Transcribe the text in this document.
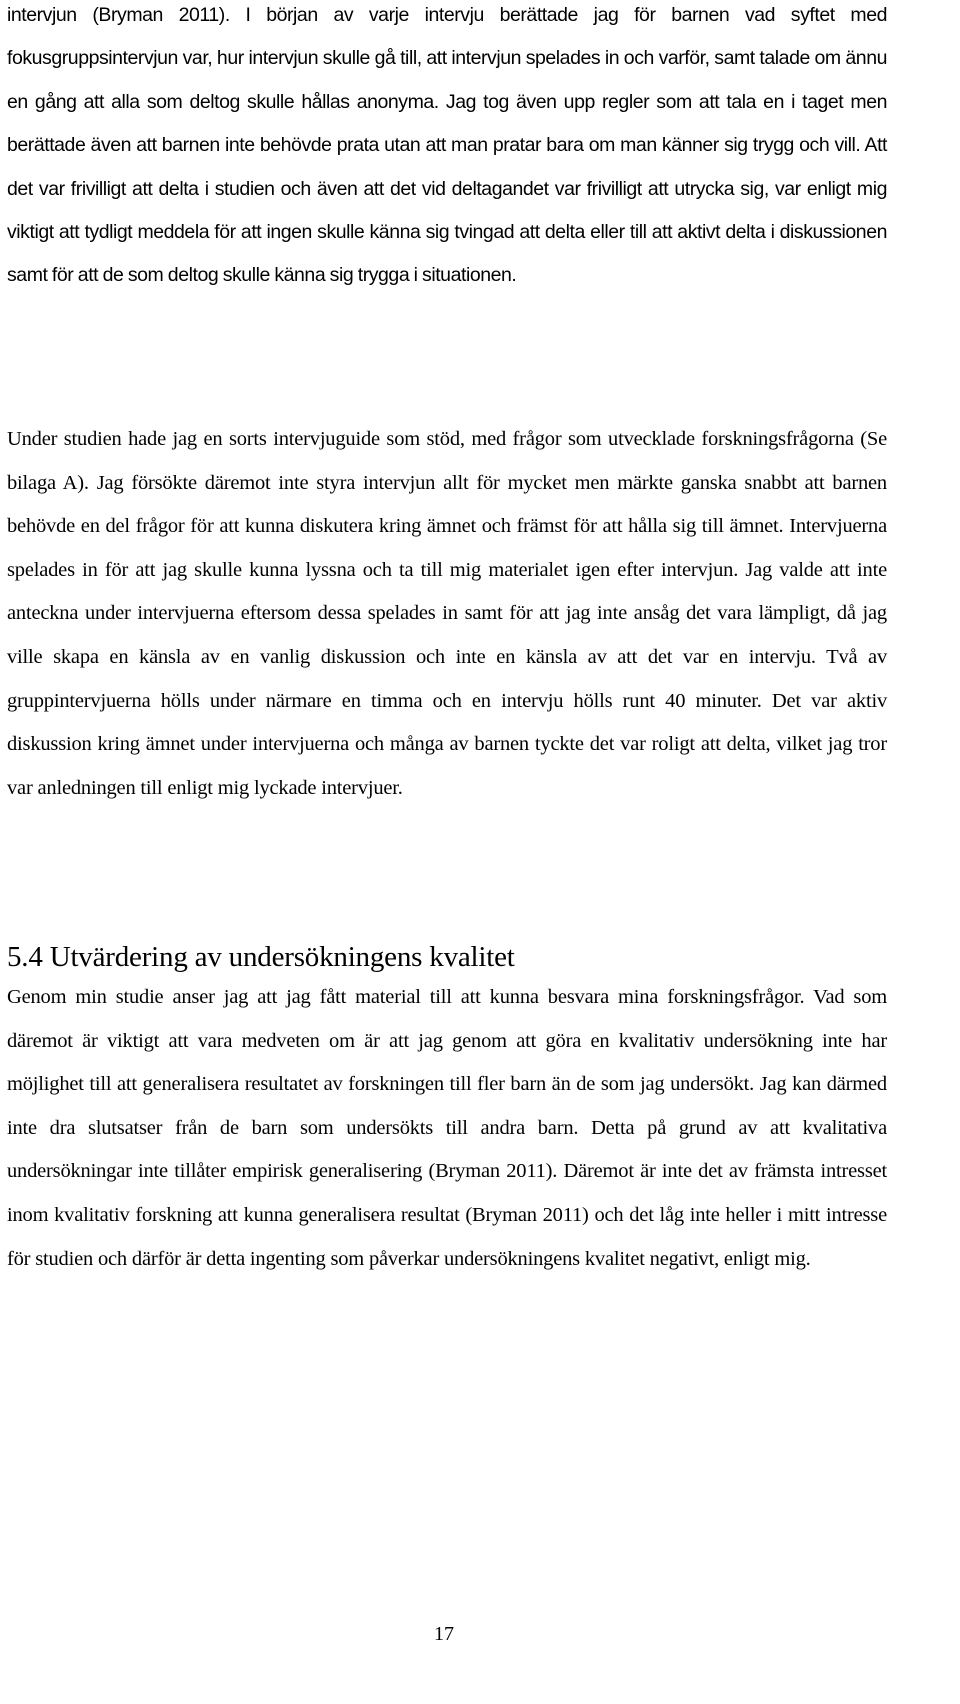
intervjun (Bryman 2011). I början av varje intervju berättade jag för barnen vad syftet med fokusgruppsintervjun var, hur intervjun skulle gå till, att intervjun spelades in och varför, samt talade om ännu en gång att alla som deltog skulle hållas anonyma. Jag tog även upp regler som att tala en i taget men berättade även att barnen inte behövde prata utan att man pratar bara om man känner sig trygg och vill. Att det var frivilligt att delta i studien och även att det vid deltagandet var frivilligt att utrycka sig, var enligt mig viktigt att tydligt meddela för att ingen skulle känna sig tvingad att delta eller till att aktivt delta i diskussionen samt för att de som deltog skulle känna sig trygga i situationen.

Under studien hade jag en sorts intervjuguide som stöd, med frågor som utvecklade forskningsfrågorna (Se bilaga A). Jag försökte däremot inte styra intervjun allt för mycket men märkte ganska snabbt att barnen behövde en del frågor för att kunna diskutera kring ämnet och främst för att hålla sig till ämnet. Intervjuerna spelades in för att jag skulle kunna lyssna och ta till mig materialet igen efter intervjun. Jag valde att inte anteckna under intervjuerna eftersom dessa spelades in samt för att jag inte ansåg det vara lämpligt, då jag ville skapa en känsla av en vanlig diskussion och inte en känsla av att det var en intervju. Två av gruppintervjuerna hölls under närmare en timma och en intervju hölls runt 40 minuter. Det var aktiv diskussion kring ämnet under intervjuerna och många av barnen tyckte det var roligt att delta, vilket jag tror var anledningen till enligt mig lyckade intervjuer.

5.4 Utvärdering av undersökningens kvalitet

Genom min studie anser jag att jag fått material till att kunna besvara mina forskningsfrågor. Vad som däremot är viktigt att vara medveten om är att jag genom att göra en kvalitativ undersökning inte har möjlighet till att generalisera resultatet av forskningen till fler barn än de som jag undersökt. Jag kan därmed inte dra slutsatser från de barn som undersökts till andra barn. Detta på grund av att kvalitativa undersökningar inte tillåter empirisk generalisering (Bryman 2011). Däremot är inte det av främsta intresset inom kvalitativ forskning att kunna generalisera resultat (Bryman 2011) och det låg inte heller i mitt intresse för studien och därför är detta ingenting som påverkar undersökningens kvalitet negativt, enligt mig.

17
